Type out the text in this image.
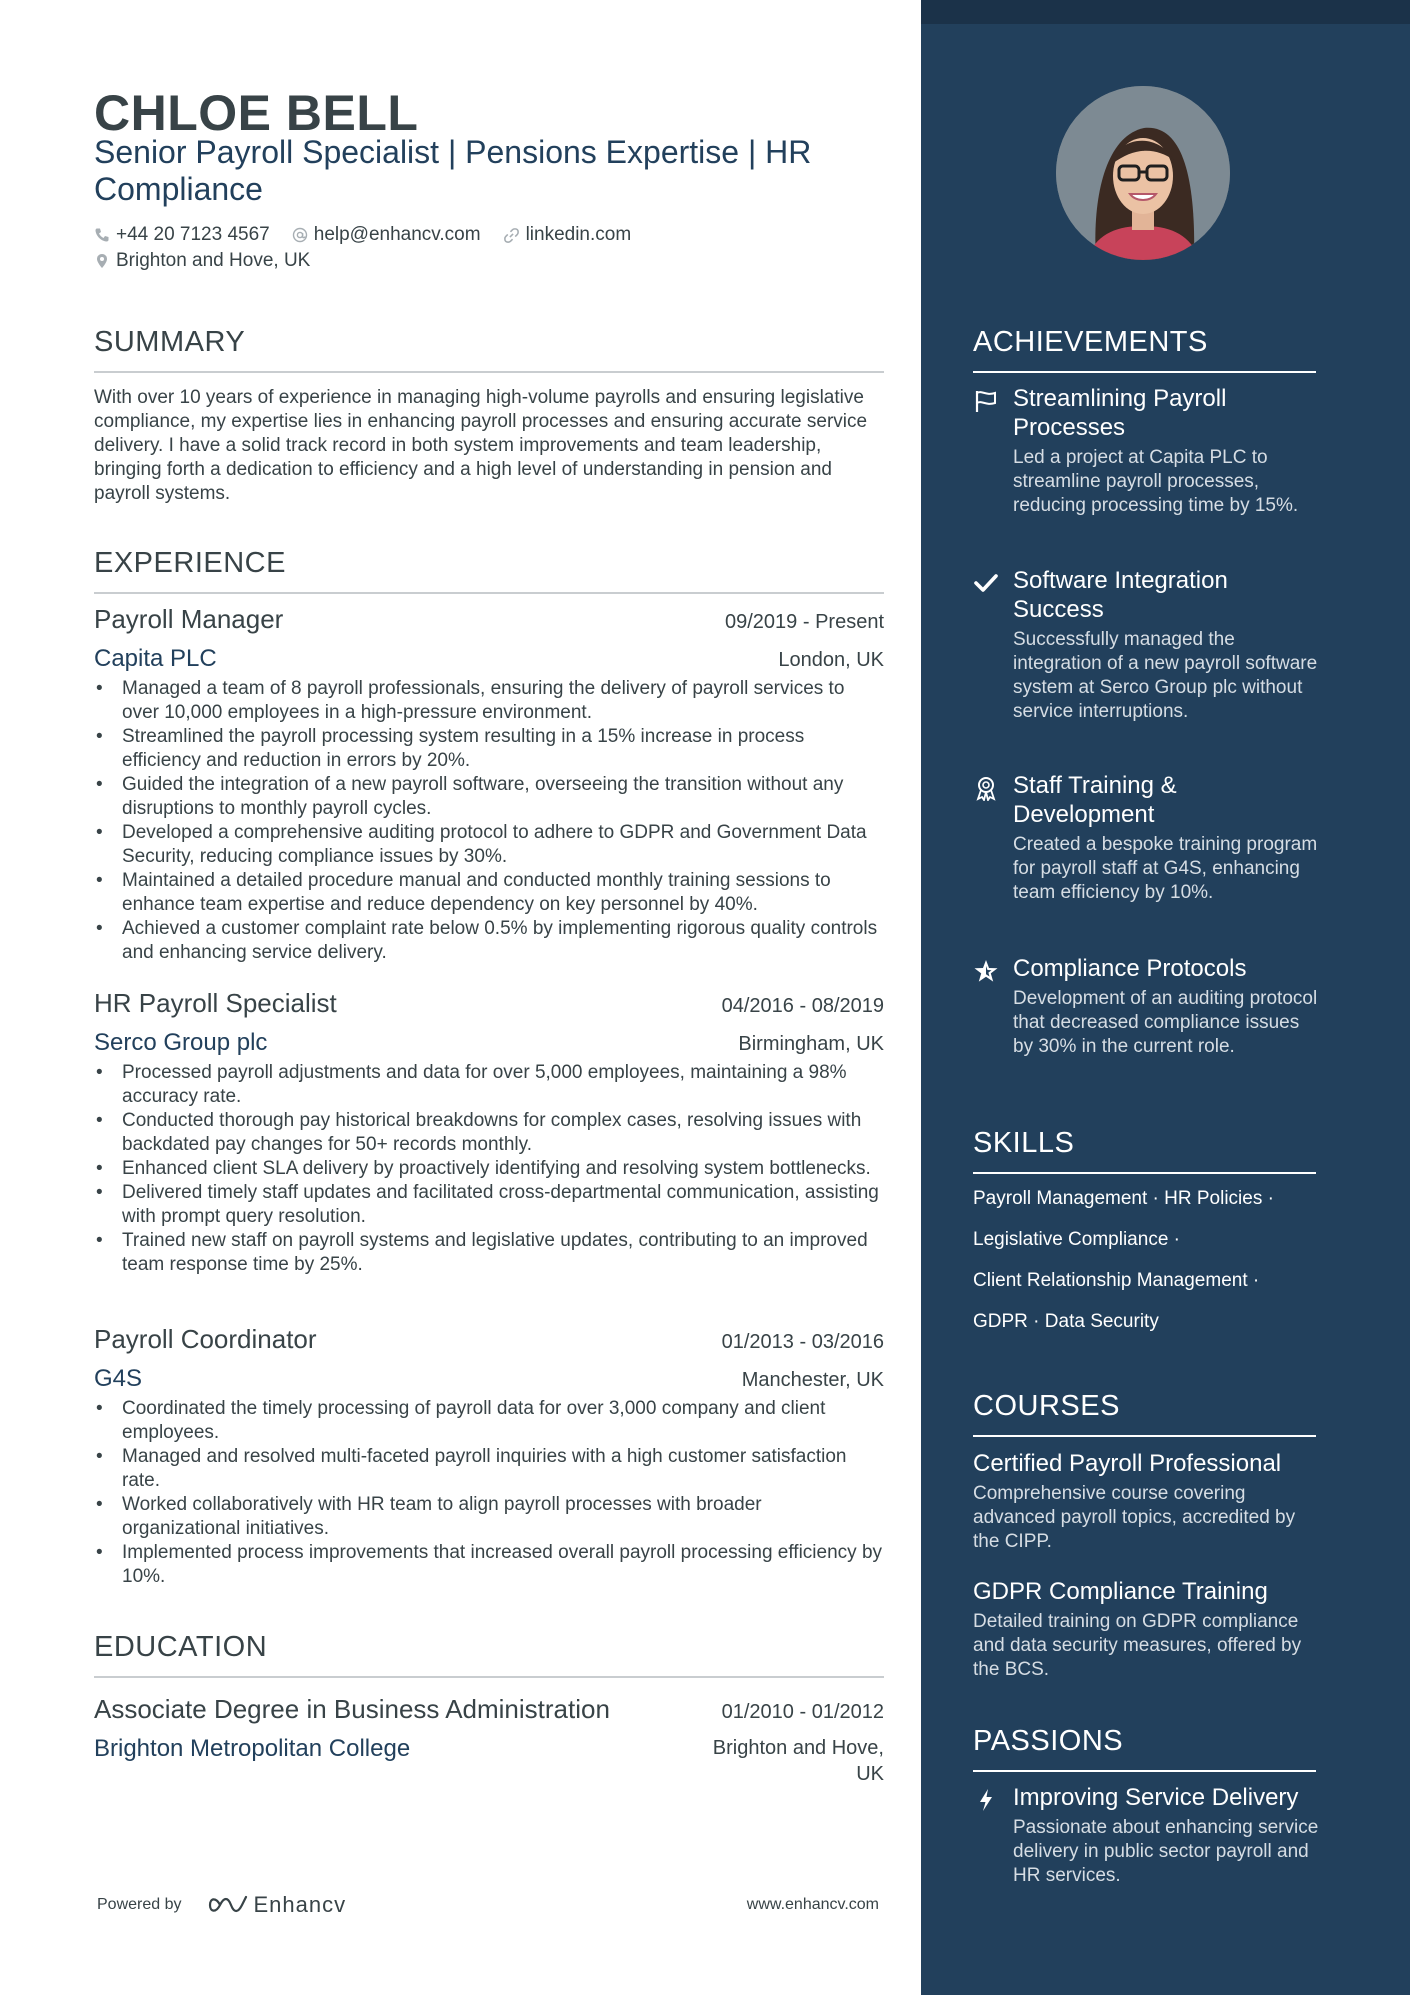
CHLOE BELL
Senior Payroll Specialist | Pensions Expertise | HR Compliance
+44 20 7123 4567 help@enhancv.com linkedin.com
Brighton and Hove, UK
SUMMARY
With over 10 years of experience in managing high-volume payrolls and ensuring legislative compliance, my expertise lies in enhancing payroll processes and ensuring accurate service delivery. I have a solid track record in both system improvements and team leadership, bringing forth a dedication to efficiency and a high level of understanding in pension and payroll systems.
EXPERIENCE
Payroll Manager	09/2019 - Present
Capita PLC	London, UK
• Managed a team of 8 payroll professionals, ensuring the delivery of payroll services to over 10,000 employees in a high-pressure environment.
• Streamlined the payroll processing system resulting in a 15% increase in process efficiency and reduction in errors by 20%.
• Guided the integration of a new payroll software, overseeing the transition without any disruptions to monthly payroll cycles.
• Developed a comprehensive auditing protocol to adhere to GDPR and Government Data Security, reducing compliance issues by 30%.
• Maintained a detailed procedure manual and conducted monthly training sessions to enhance team expertise and reduce dependency on key personnel by 40%.
• Achieved a customer complaint rate below 0.5% by implementing rigorous quality controls and enhancing service delivery.
HR Payroll Specialist	04/2016 - 08/2019
Serco Group plc	Birmingham, UK
• Processed payroll adjustments and data for over 5,000 employees, maintaining a 98% accuracy rate.
• Conducted thorough pay historical breakdowns for complex cases, resolving issues with backdated pay changes for 50+ records monthly.
• Enhanced client SLA delivery by proactively identifying and resolving system bottlenecks.
• Delivered timely staff updates and facilitated cross-departmental communication, assisting with prompt query resolution.
• Trained new staff on payroll systems and legislative updates, contributing to an improved team response time by 25%.
Payroll Coordinator	01/2013 - 03/2016
G4S	Manchester, UK
• Coordinated the timely processing of payroll data for over 3,000 company and client employees.
• Managed and resolved multi-faceted payroll inquiries with a high customer satisfaction rate.
• Worked collaboratively with HR team to align payroll processes with broader organizational initiatives.
• Implemented process improvements that increased overall payroll processing efficiency by 10%.
EDUCATION
Associate Degree in Business Administration	01/2010 - 01/2012
Brighton Metropolitan College	Brighton and Hove,
UK
Powered by	Enhancv	www.enhancv.com
ACHIEVEMENTS
Streamlining Payroll Processes
Led a project at Capita PLC to streamline payroll processes, reducing processing time by 15%.
Software Integration Success
Successfully managed the integration of a new payroll software system at Serco Group plc without service interruptions.
Staff Training & Development
Created a bespoke training program for payroll staff at G4S, enhancing team efficiency by 10%.
Compliance Protocols
Development of an auditing protocol that decreased compliance issues by 30% in the current role.
SKILLS
Payroll Management · HR Policies ·
Legislative Compliance ·
Client Relationship Management ·
GDPR · Data Security
COURSES
Certified Payroll Professional
Comprehensive course covering advanced payroll topics, accredited by the CIPP.
GDPR Compliance Training
Detailed training on GDPR compliance and data security measures, offered by the BCS.
PASSIONS
Improving Service Delivery
Passionate about enhancing service delivery in public sector payroll and HR services.
